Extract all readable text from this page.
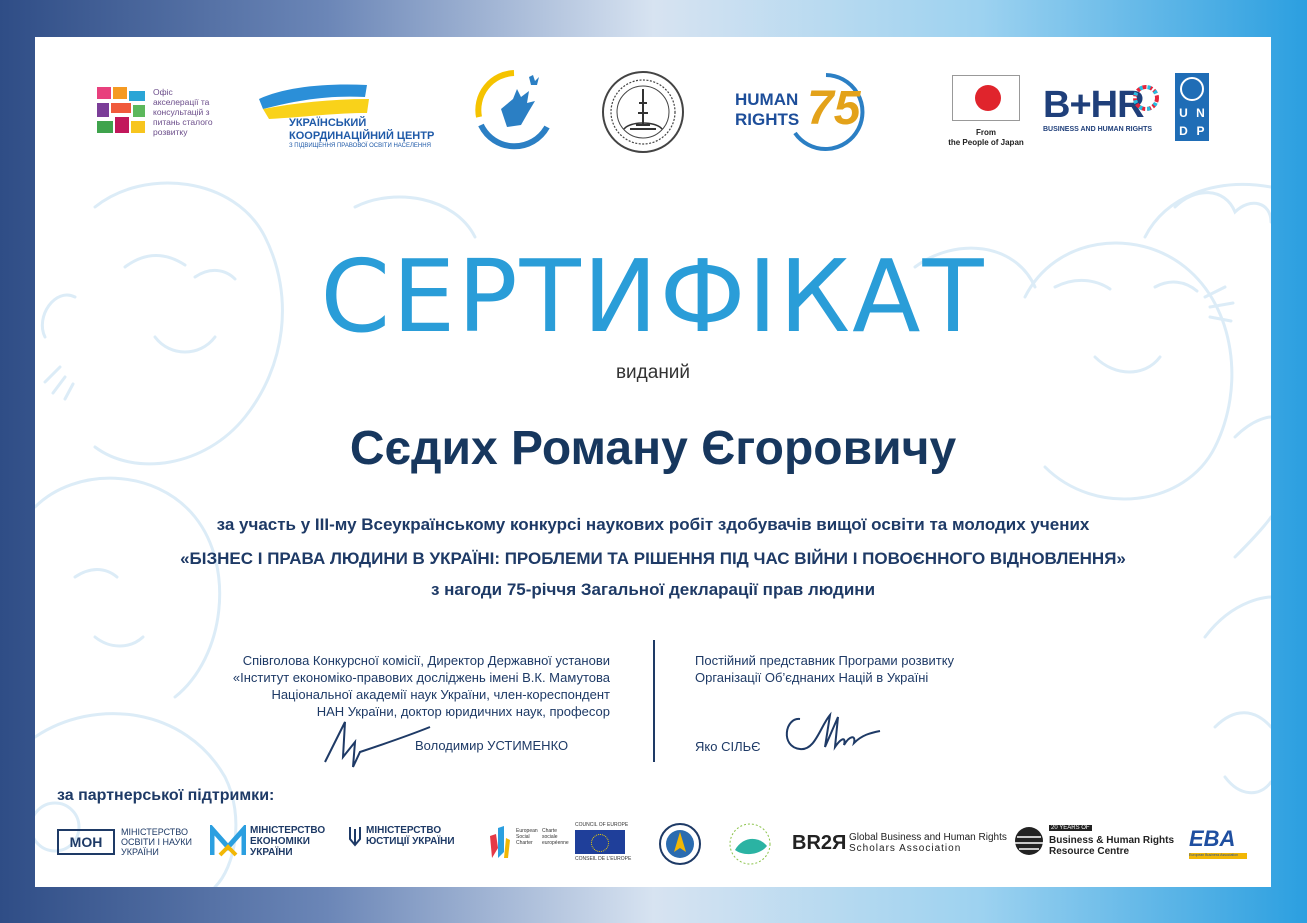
Офіс акселерації та консультацій з питань сталого розвитку
УКРАЇНСЬКИЙ
КООРДИНАЦІЙНИЙ ЦЕНТР
З ПІДВИЩЕННЯ ПРАВОВОЇ ОСВІТИ НАСЕЛЕННЯ
HUMAN
RIGHTS 75	From
the People of Japan
B+HR
BUSINESS AND HUMAN RIGHTS
U N
D P
СЕРТИФІКАТ
виданий
Сєдих Роману Єгоровичу
за участь у ІІІ-му Всеукраїнському конкурсі наукових робіт здобувачів вищої освіти та молодих учених
«БІЗНЕС І ПРАВА ЛЮДИНИ В УКРАЇНІ: ПРОБЛЕМИ ТА РІШЕННЯ ПІД ЧАС ВІЙНИ І ПОВОЄННОГО ВІДНОВЛЕННЯ»
з нагоди 75-річчя Загальної декларації прав людини
Співголова Конкурсної комісії, Директор Державної установи
«Інститут економіко-правових досліджень імені В.К. Мамутова
Національної академії наук України, член-кореспондент
НАН України, доктор юридичних наук, професор
Володимир УСТИМЕНКО
Постійний представник Програми розвитку
Організації Об’єднаних Націй в Україні
Яко СІЛЬЄ
за партнерської підтримки:
МОН
МІНІСТЕРСТВО
ОСВІТИ І НАУКИ
УКРАЇНИ
МІНІСТЕРСТВО
ЕКОНОМІКИ
УКРАЇНИ
МІНІСТЕРСТВО
ЮСТИЦІЇ УКРАЇНИ
European
Social
Charter
Charte
sociale
européenne
COUNCIL OF EUROPE
CONSEIL DE L'EUROPE
BR2Я Global Business and Human Rights
Scholars Association
20 YEARS OF
Business & Human Rights
Resource Centre
EBA
European Business Association
